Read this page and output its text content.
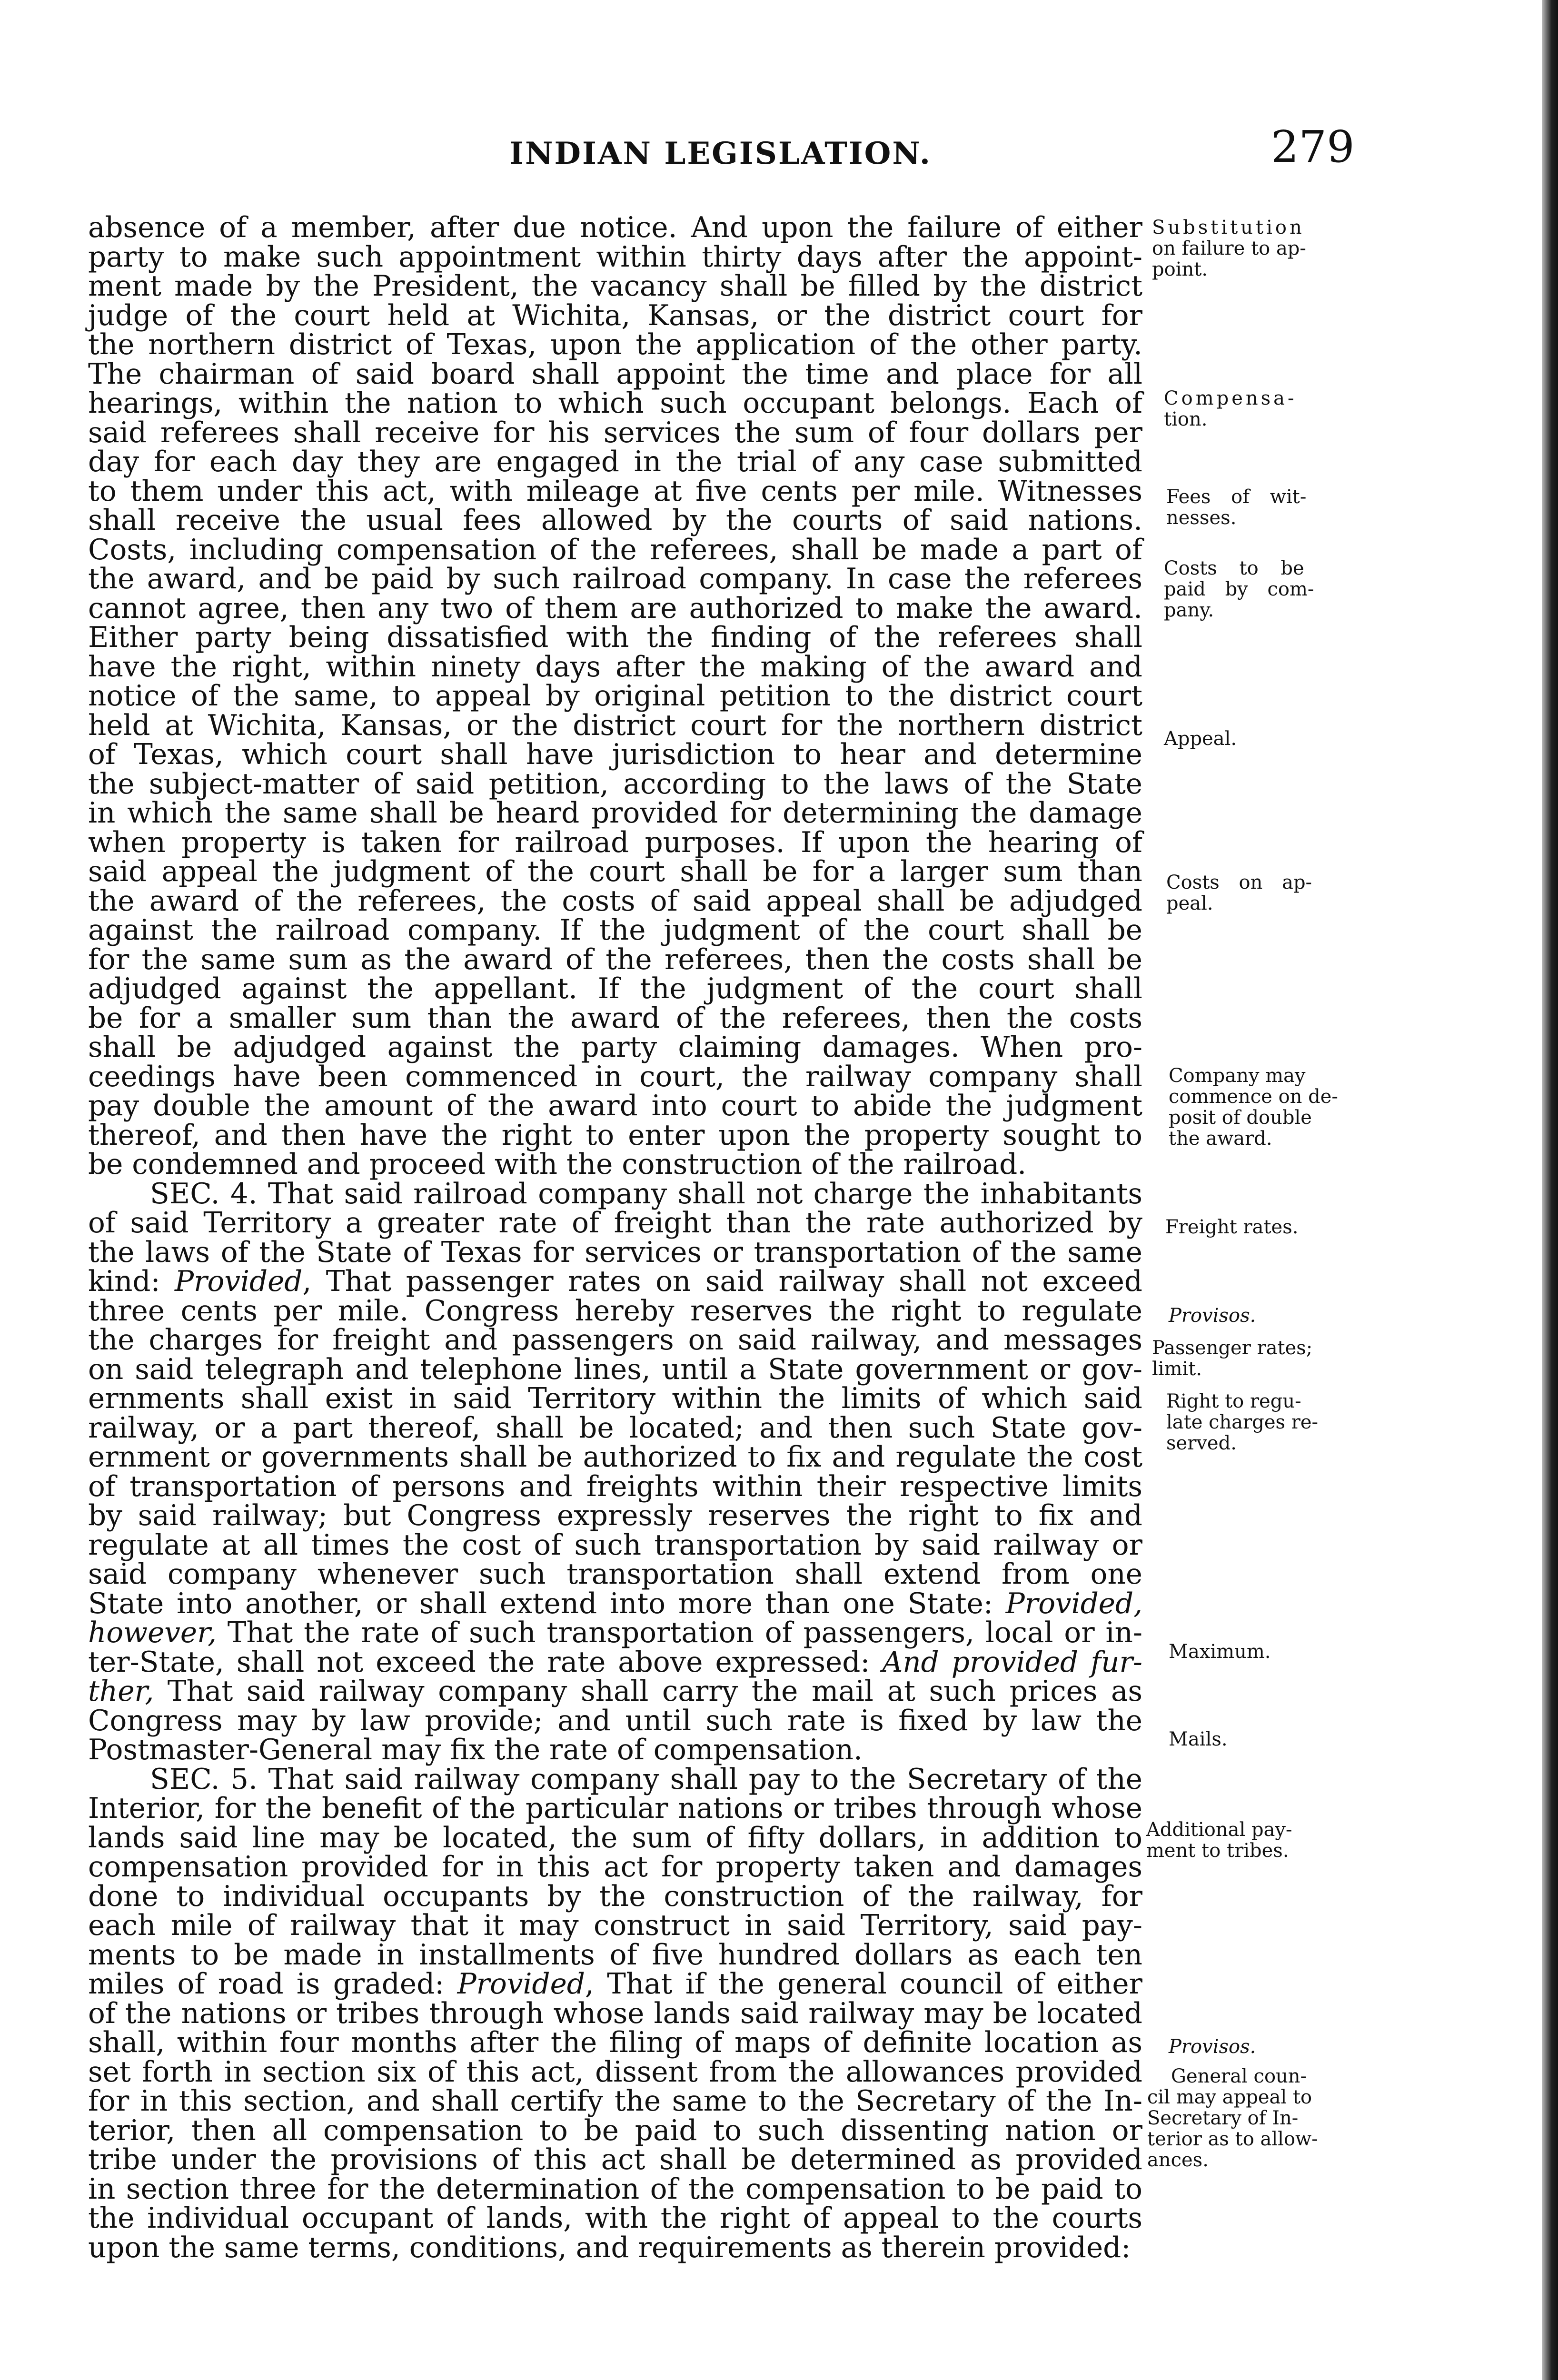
INDIAN LEGISLATION.	279
absence of a member, after due notice. And upon the failure of either
party to make such appointment within thirty days after the appoint-
ment made by the President, the vacancy shall be filled by the district
judge of the court held at Wichita, Kansas, or the district court for
the northern district of Texas, upon the application of the other party.
The chairman of said board shall appoint the time and place for all
hearings, within the nation to which such occupant belongs. Each of
said referees shall receive for his services the sum of four dollars per
day for each day they are engaged in the trial of any case submitted
to them under this act, with mileage at five cents per mile. Witnesses
shall receive the usual fees allowed by the courts of said nations.
Costs, including compensation of the referees, shall be made a part of
the award, and be paid by such railroad company. In case the referees
cannot agree, then any two of them are authorized to make the award.
Either party being dissatisfied with the finding of the referees shall
have the right, within ninety days after the making of the award and
notice of the same, to appeal by original petition to the district court
held at Wichita, Kansas, or the district court for the northern district
of Texas, which court shall have jurisdiction to hear and determine
the subject-matter of said petition, according to the laws of the State
in which the same shall be heard provided for determining the damage
when property is taken for railroad purposes. If upon the hearing of
said appeal the judgment of the court shall be for a larger sum than
the award of the referees, the costs of said appeal shall be adjudged
against the railroad company. If the judgment of the court shall be
for the same sum as the award of the referees, then the costs shall be
adjudged against the appellant. If the judgment of the court shall
be for a smaller sum than the award of the referees, then the costs
shall be adjudged against the party claiming damages. When pro-
ceedings have been commenced in court, the railway company shall
pay double the amount of the award into court to abide the judgment
thereof, and then have the right to enter upon the property sought to
be condemned and proceed with the construction of the railroad.
SEC. 4. That said railroad company shall not charge the inhabitants
of said Territory a greater rate of freight than the rate authorized by
the laws of the State of Texas for services or transportation of the same
kind: Provided, That passenger rates on said railway shall not exceed
three cents per mile. Congress hereby reserves the right to regulate
the charges for freight and passengers on said railway, and messages
on said telegraph and telephone lines, until a State government or gov-
ernments shall exist in said Territory within the limits of which said
railway, or a part thereof, shall be located; and then such State gov-
ernment or governments shall be authorized to fix and regulate the cost
of transportation of persons and freights within their respective limits
by said railway; but Congress expressly reserves the right to fix and
regulate at all times the cost of such transportation by said railway or
said company whenever such transportation shall extend from one
State into another, or shall extend into more than one State: Provided,
however, That the rate of such transportation of passengers, local or in-
ter-State, shall not exceed the rate above expressed: And provided fur-
ther, That said railway company shall carry the mail at such prices as
Congress may by law provide; and until such rate is fixed by law the
Postmaster-General may fix the rate of compensation.
SEC. 5. That said railway company shall pay to the Secretary of the
Interior, for the benefit of the particular nations or tribes through whose
lands said line may be located, the sum of fifty dollars, in addition to
compensation provided for in this act for property taken and damages
done to individual occupants by the construction of the railway, for
each mile of railway that it may construct in said Territory, said pay-
ments to be made in installments of five hundred dollars as each ten
miles of road is graded: Provided, That if the general council of either
of the nations or tribes through whose lands said railway may be located
shall, within four months after the filing of maps of definite location as
set forth in section six of this act, dissent from the allowances provided
for in this section, and shall certify the same to the Secretary of the In-
terior, then all compensation to be paid to such dissenting nation or
tribe under the provisions of this act shall be determined as provided
in section three for the determination of the compensation to be paid to
the individual occupant of lands, with the right of appeal to the courts
upon the same terms, conditions, and requirements as therein provided:
Substitution
on failure to ap-
point.
Compensa-
tion.
Fees of wit-
nesses.
Costs to be
paid by com-
pany.
Appeal.
Costs on ap-
peal.
Company may
commence on de-
posit of double
the award.
Freight rates.
Provisos.
Passenger rates;
limit.
Right to regu-
late charges re-
served.
Maximum.
Mails.
Additional pay-
ment to tribes.
Provisos.
General coun-
cil may appeal to
Secretary of In-
terior as to allow-
ances.
